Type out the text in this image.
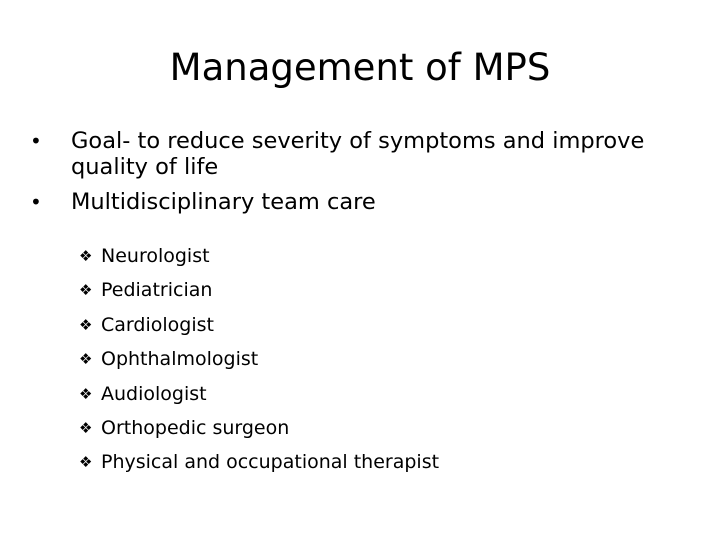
Management of MPS
•	Goal- to reduce severity of symptoms and improve quality of life
•	Multidisciplinary team care
❖ Neurologist
❖ Pediatrician
❖ Cardiologist
❖ Ophthalmologist
❖ Audiologist
❖ Orthopedic surgeon
❖ Physical and occupational therapist
